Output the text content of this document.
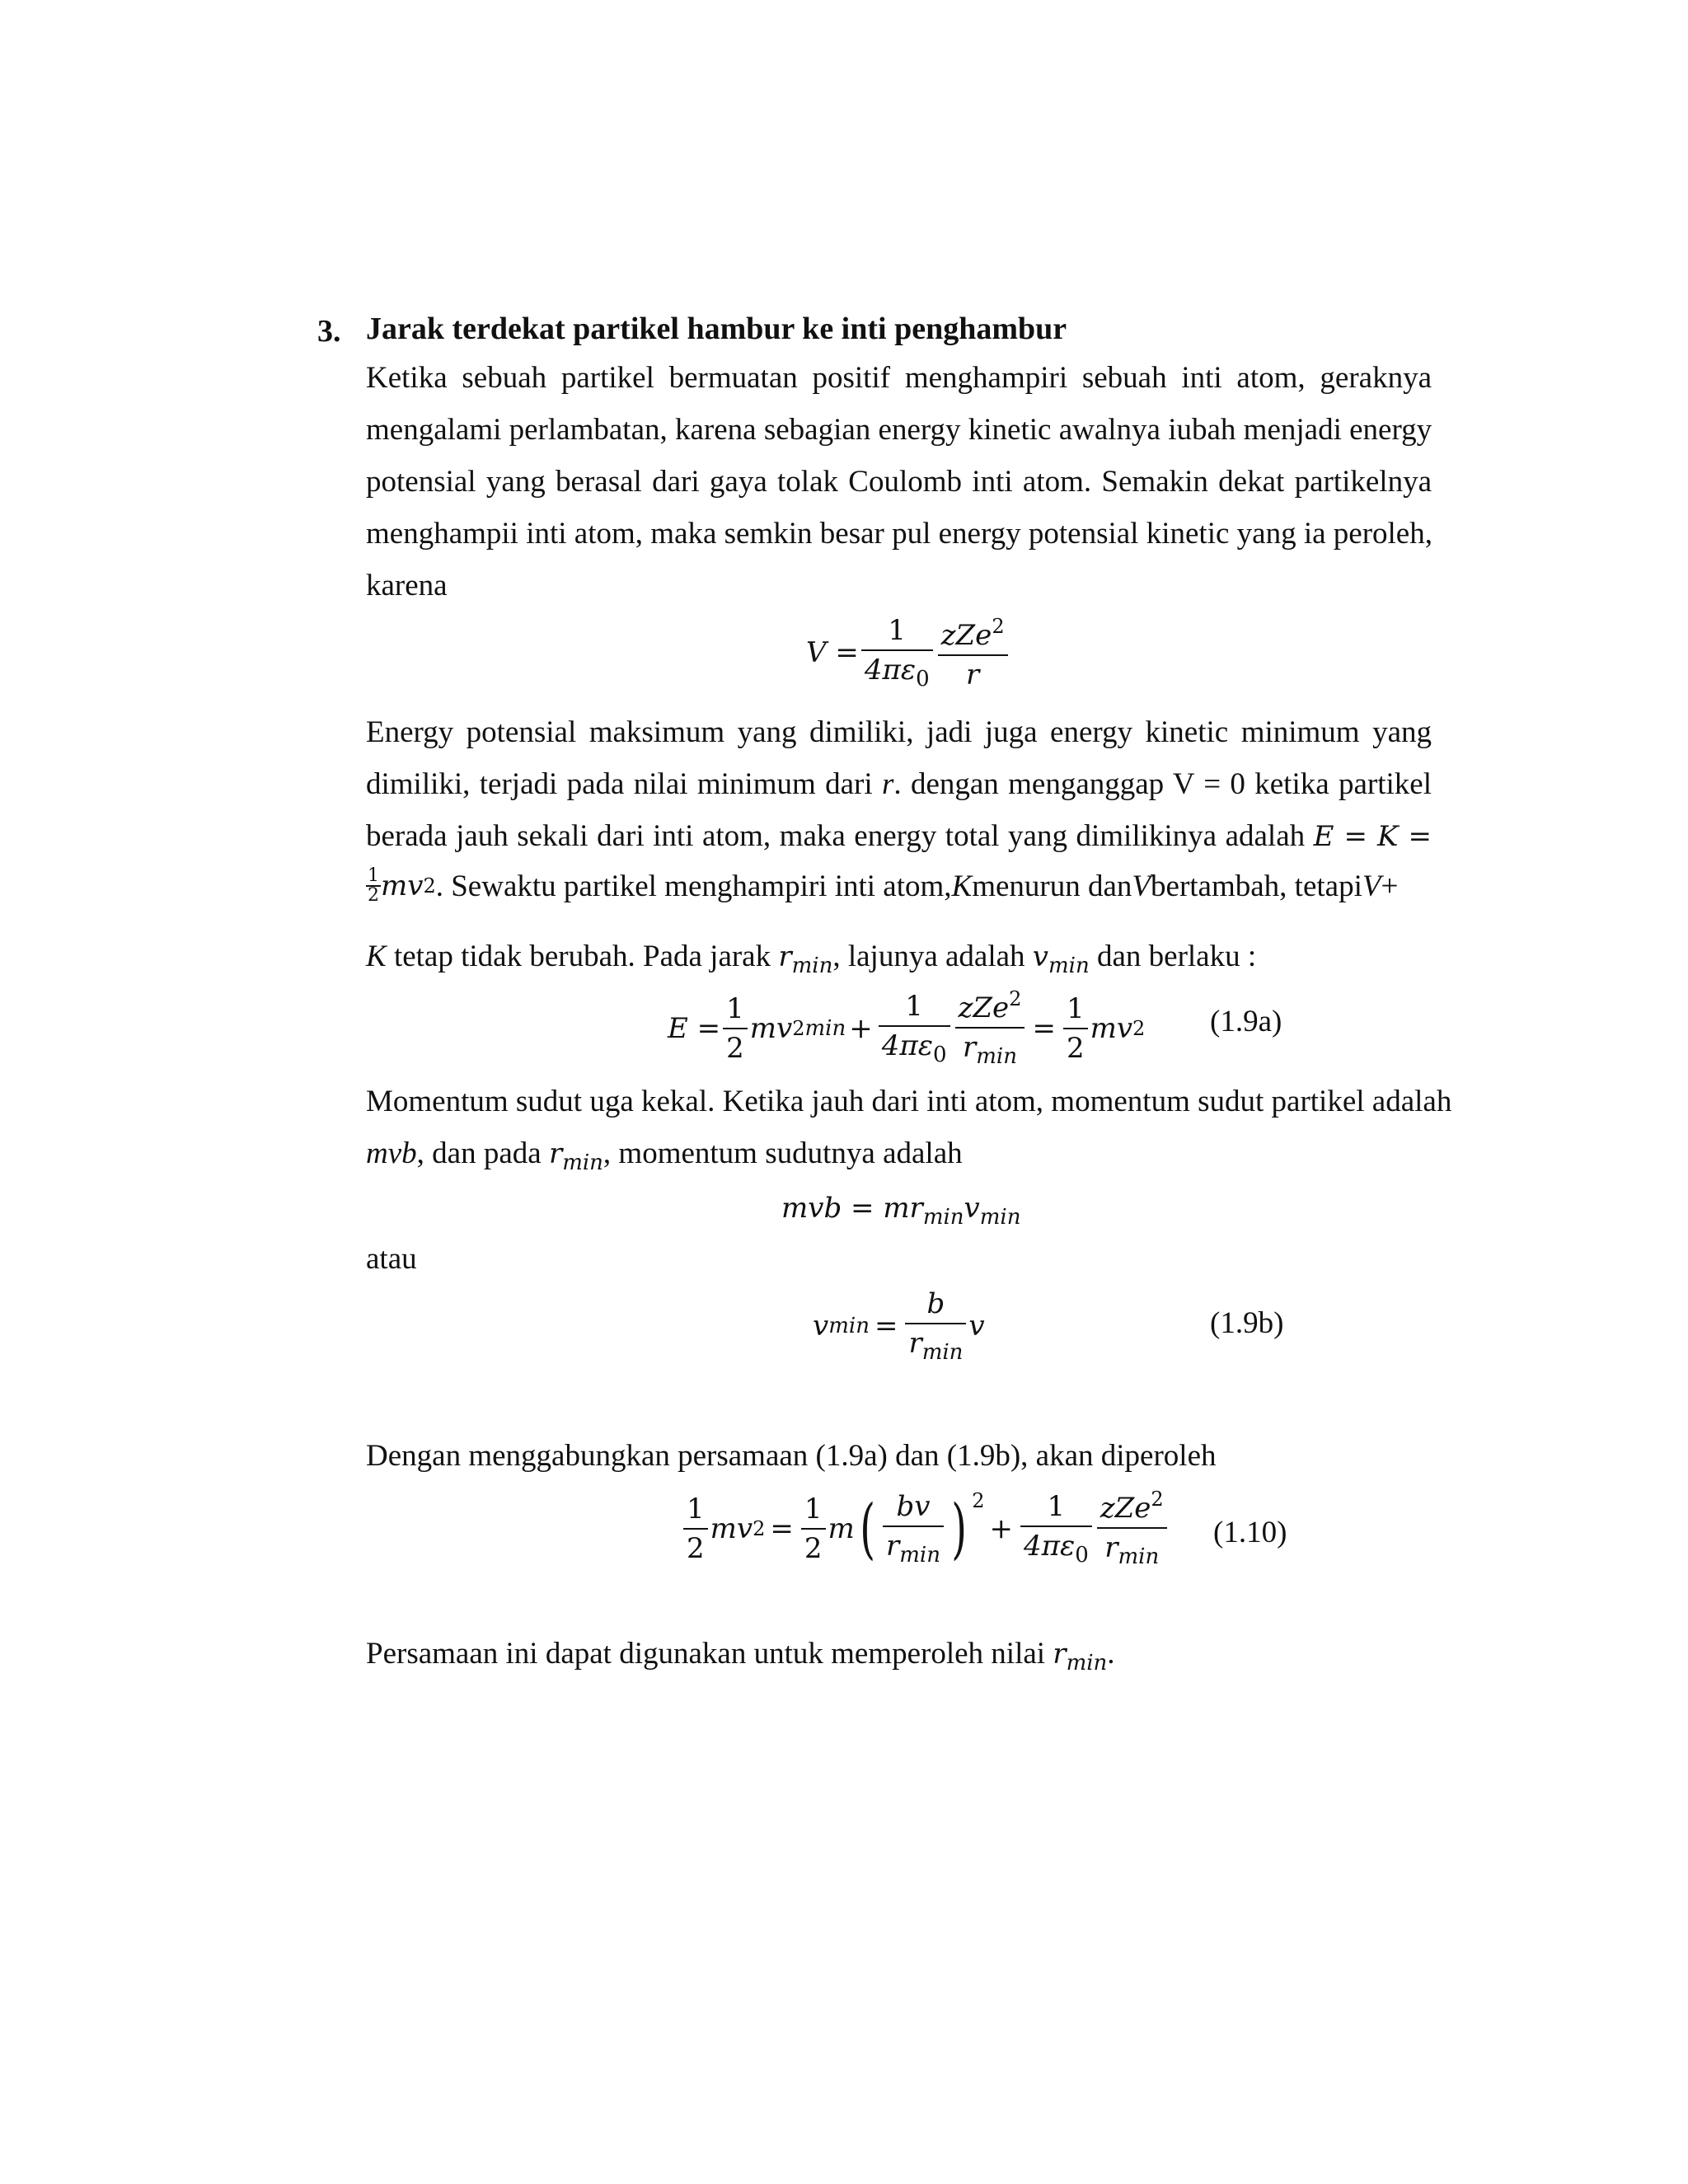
3. Jarak terdekat partikel hambur ke inti penghambur
Ketika sebuah partikel bermuatan positif menghampiri sebuah inti atom, geraknya
mengalami perlambatan, karena sebagian energy kinetic awalnya iubah menjadi energy
potensial yang berasal dari gaya tolak Coulomb inti atom. Semakin dekat partikelnya
menghampii inti atom, maka semkin besar pul energy potensial kinetic yang ia peroleh,
karena
$V = \frac{1}{4\pi\varepsilon_0} \frac{zZe^2}{r}$
Energy potensial maksimum yang dimiliki, jadi juga energy kinetic minimum yang
dimiliki, terjadi pada nilai minimum dari r. dengan menganggap V = 0 ketika partikel
berada jauh sekali dari inti atom, maka energy total yang dimilikinya adalah E = K =
$\frac{1}{2}$ mv 2 . Sewaktu partikel menghampiri inti atom, K menurun dan V bertambah, tetapi V +
K tetap tidak berubah. Pada jarak $r_{min}$, lajunya adalah $v_{min}$ dan berlaku :
$E = \frac{1}{2}$ mv 2 $\min + \frac{1}{4\pi\varepsilon_0} \frac{zZe^2}{r_{min}} = \frac{1}{2}$ mv 2 (1.9a)
Momentum sudut uga kekal. Ketika jauh dari inti atom, momentum sudut partikel adalah
mvb, dan pada $r_{min}$, momentum sudutnya adalah
mvb = $mr_{min}v_{min}$
atau
v $\min = \frac{b}{r_{min}}$ v	(1.9b)
Dengan menggabungkan persamaan (1.9a) dan (1.9b), akan diperoleh
$\frac{1}{2}$ mv $2 = \frac{1}{2}$ m ( $\frac{bv}{r_{min}}$ ) 2
+ $\frac{1}{4\pi\varepsilon_0} \frac{zZe^2}{r_{min}} (1.10)$
Persamaan ini dapat digunakan untuk memperoleh nilai $r_{min}$.
